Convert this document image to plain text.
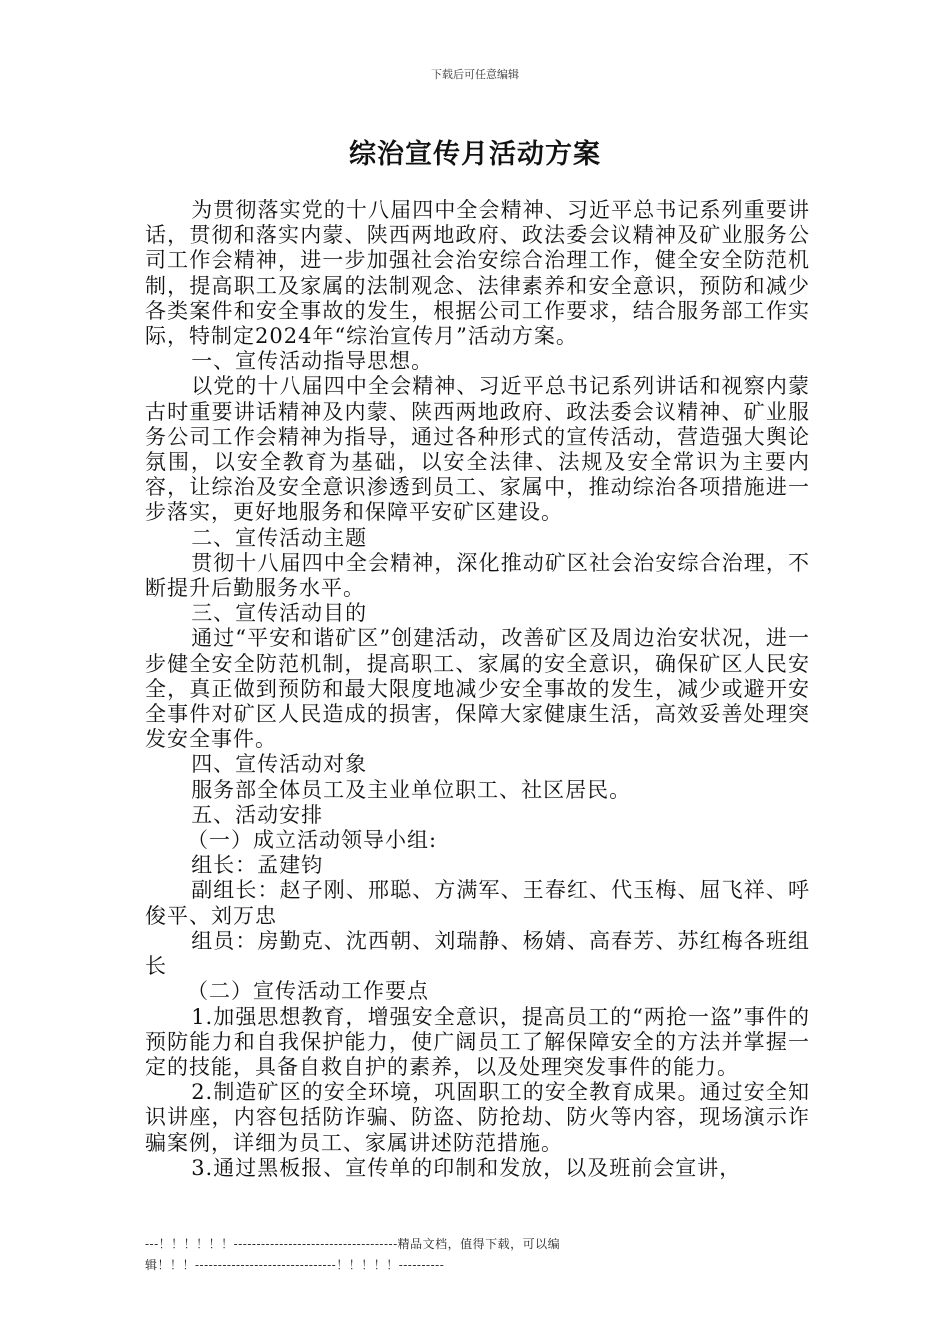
下载后可任意编辑
综治宣传月活动方案

为贯彻落实党的十八届四中全会精神、习近平总书记系列重要讲话，贯彻和落实内蒙、陕西两地政府、政法委会议精神及矿业服务公司工作会精神，进一步加强社会治安综合治理工作，健全安全防范机制，提高职工及家属的法制观念、法律素养和安全意识，预防和减少各类案件和安全事故的发生，根据公司工作要求，结合服务部工作实际，特制定2024年“综治宣传月”活动方案。

一、宣传活动指导思想。

以党的十八届四中全会精神、习近平总书记系列讲话和视察内蒙古时重要讲话精神及内蒙、陕西两地政府、政法委会议精神、矿业服务公司工作会精神为指导，通过各种形式的宣传活动，营造强大舆论氛围，以安全教育为基础，以安全法律、法规及安全常识为主要内容，让综治及安全意识渗透到员工、家属中，推动综治各项措施进一步落实，更好地服务和保障平安矿区建设。

二、宣传活动主题

贯彻十八届四中全会精神，深化推动矿区社会治安综合治理，不断提升后勤服务水平。

三、宣传活动目的

通过“平安和谐矿区”创建活动，改善矿区及周边治安状况，进一步健全安全防范机制，提高职工、家属的安全意识，确保矿区人民安全，真正做到预防和最大限度地减少安全事故的发生，减少或避开安全事件对矿区人民造成的损害，保障大家健康生活，高效妥善处理突发安全事件。

四、宣传活动对象

服务部全体员工及主业单位职工、社区居民。

五、活动安排

（一）成立活动领导小组:

组长：孟建钧

副组长：赵子刚、邢聪、方满军、王春红、代玉梅、屈飞祥、呼俊平、刘万忠

组员：房勤克、沈西朝、刘瑞静、杨婧、高春芳、苏红梅各班组长

（二）宣传活动工作要点

1.加强思想教育，增强安全意识，提高员工的“两抢一盗”事件的预防能力和自我保护能力，使广阔员工了解保障安全的方法并掌握一定的技能，具备自救自护的素养，以及处理突发事件的能力。

2.制造矿区的安全环境，巩固职工的安全教育成果。通过安全知识讲座，内容包括防诈骗、防盗、防抢劫、防火等内容，现场演示诈骗案例，详细为员工、家属讲述防范措施。

3.通过黑板报、宣传单的印制和发放，以及班前会宣讲，

---！！！！！！------------------------------------精品文档，值得下载，可以编
辑！！！-------------------------------！！！！！----------
